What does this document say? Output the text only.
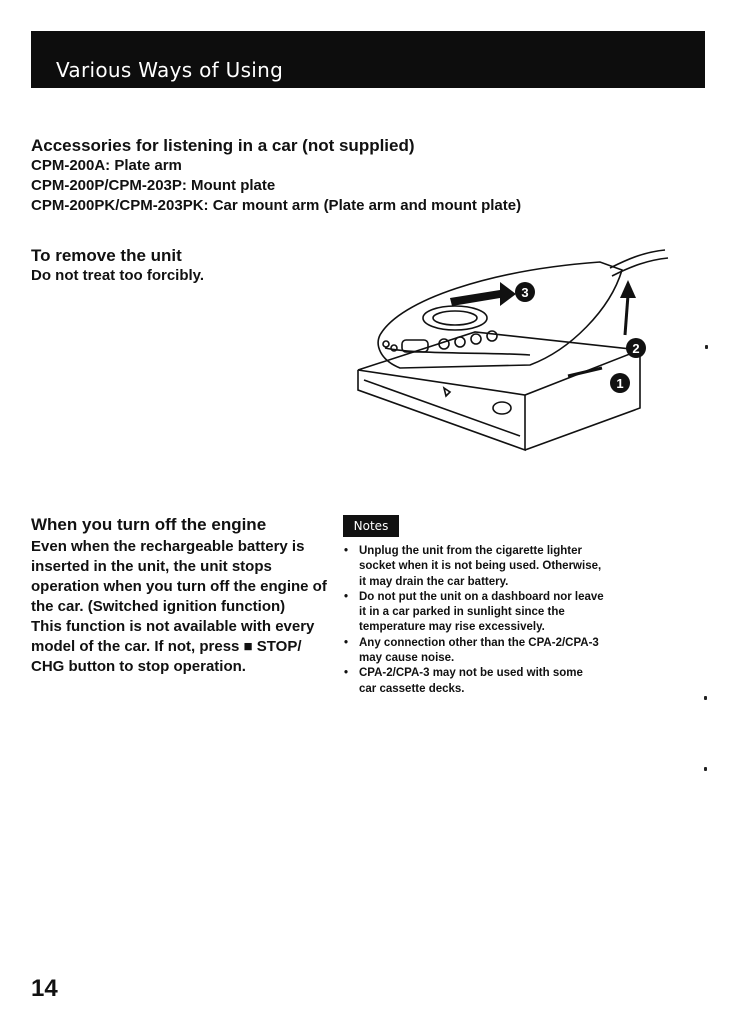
Various Ways of Using
Accessories for listening in a car (not supplied)
CPM-200A: Plate arm
CPM-200P/CPM-203P: Mount plate
CPM-200PK/CPM-203PK: Car mount arm (Plate arm and mount plate)
To remove the unit
Do not treat too forcibly.
3
2
1
When you turn off the engine
Even when the rechargeable battery is
inserted in the unit, the unit stops
operation when you turn off the engine of
the car. (Switched ignition function)
This function is not available with every
model of the car. If not, press ■ STOP/
CHG button to stop operation.
Notes
• Unplug the unit from the cigarette lighter
socket when it is not being used. Otherwise,
it may drain the car battery.
• Do not put the unit on a dashboard nor leave
it in a car parked in sunlight since the
temperature may rise excessively.
• Any connection other than the CPA-2/CPA-3
may cause noise.
• CPA-2/CPA-3 may not be used with some
car cassette decks.
14
